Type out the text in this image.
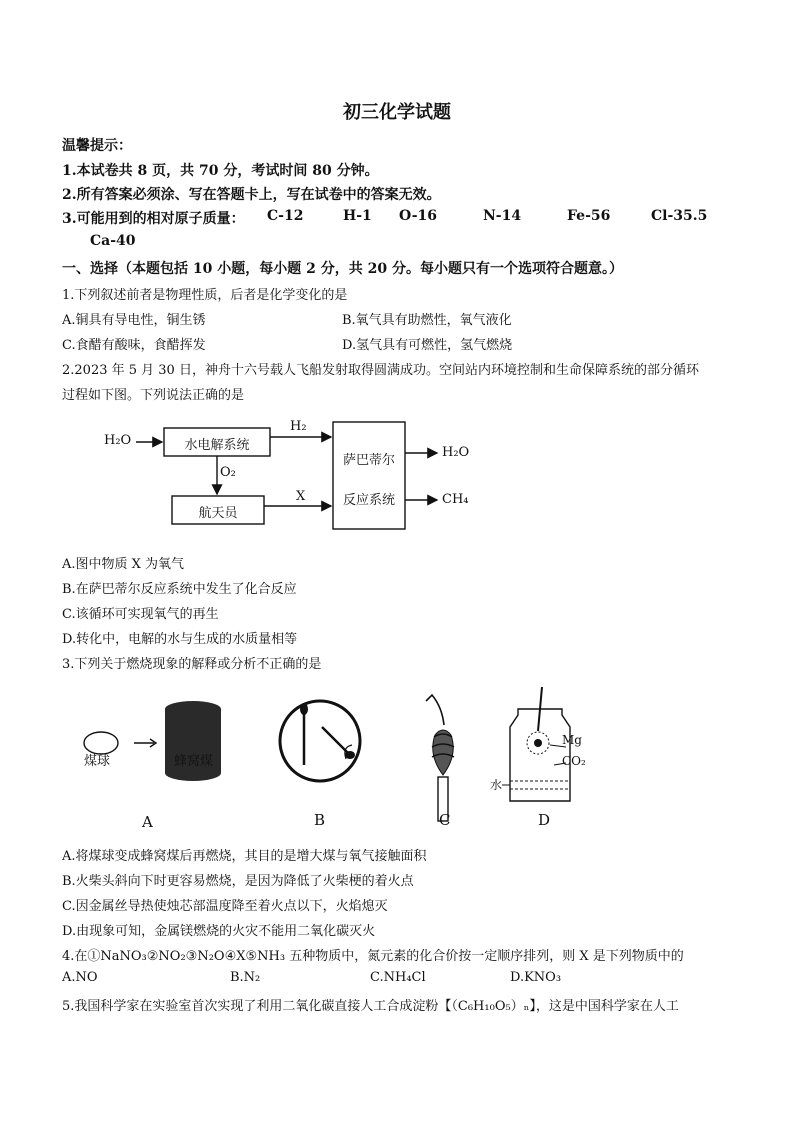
初三化学试题
温馨提示：
1.本试卷共 8 页，共 70 分，考试时间 80 分钟。
2.所有答案必须涂、写在答题卡上，写在试卷中的答案无效。
3.可能用到的相对原子质量： C-12	H-1 O-16	N-14	Fe-56	Cl-35.5
Ca-40
一、选择（本题包括 10 小题，每小题 2 分，共 20 分。每小题只有一个选项符合题意。）
1.下列叙述前者是物理性质，后者是化学变化的是
A.铜具有导电性，铜生锈	B.氧气具有助燃性，氧气液化
C.食醋有酸味，食醋挥发	D.氢气具有可燃性，氢气燃烧
2.2023 年 5 月 30 日，神舟十六号载人飞船发射取得圆满成功。空间站内环境控制和生命保障系统的部分循环
过程如下图。下列说法正确的是
H₂O	水电解系统
H₂
O₂
航天员
X
萨巴蒂尔
反应系统
H₂O
CH₄
A.图中物质 X 为氧气
B.在萨巴蒂尔反应系统中发生了化合反应
C.该循环可实现氧气的再生
D.转化中，电解的水与生成的水质量相等
3.下列关于燃烧现象的解释或分析不正确的是
煤球	蜂窝煤
Mg
CO₂
水
A	B	C	D
A.将煤球变成蜂窝煤后再燃烧，其目的是增大煤与氧气接触面积
B.火柴头斜向下时更容易燃烧，是因为降低了火柴梗的着火点
C.因金属丝导热使烛芯部温度降至着火点以下，火焰熄灭
D.由现象可知，金属镁燃烧的火灾不能用二氧化碳灭火
4.在①NaNO₃②NO₂③N₂O④X⑤NH₃ 五种物质中，氮元素的化合价按一定顺序排列，则 X 是下列物质中的
A.NO	B.N₂	C.NH₄Cl	D.KNO₃
5.我国科学家在实验室首次实现了利用二氧化碳直接人工合成淀粉【（C₆H₁₀O₅）ₙ】，这是中国科学家在人工
